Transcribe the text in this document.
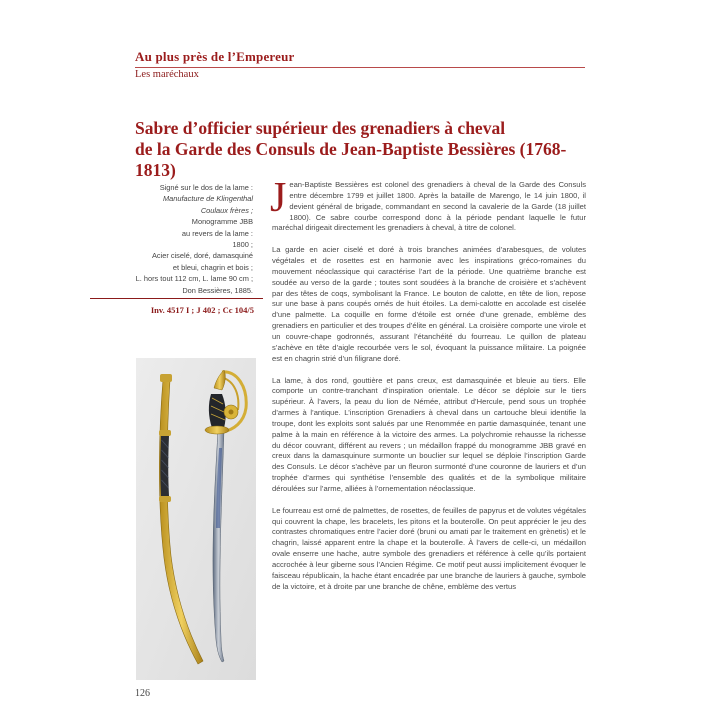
Au plus près de l’Empereur
Les maréchaux
Sabre d’officier supérieur des grenadiers à cheval
de la Garde des Consuls de Jean-Baptiste Bessières (1768-1813)
Signé sur le dos de la lame :
Manufacture de Klingenthal
Coulaux frères ;
Monogramme JBB
au revers de la lame :
1800 ;
Acier ciselé, doré, damasquiné
et bleui, chagrin et bois ;
L. hors tout 112 cm, L. lame 90 cm ;
Don Bessières, 1885.
Inv. 4517 I ; J 402 ; Cc 104/5

Jean-Baptiste Bessières est colonel des grenadiers à cheval de la Garde des Consuls entre décembre 1799 et juillet 1800. Après la bataille de Marengo, le 14 juin 1800, il devient général de brigade, commandant en second la cavalerie de la Garde (18 juillet 1800). Ce sabre courbe correspond donc à la période pendant laquelle le futur maréchal dirigeait directement les grenadiers à cheval, à titre de colonel.

La garde en acier ciselé et doré à trois branches animées d’arabesques, de volutes végétales et de rosettes est en harmonie avec les inspirations gréco-romaines du mouvement néoclassique qui caractérise l’art de la période. Une quatrième branche est soudée au verso de la garde ; toutes sont soudées à la branche de croisière et s’achèvent par des têtes de coqs, symbolisant la France. Le bouton de calotte, en tête de lion, repose sur une base à pans coupés ornés de huit étoiles. La demi-calotte en accolade est ciselée d’une palmette. La coquille en forme d’étoile est ornée d’une grenade, emblème des grenadiers en particulier et des troupes d’élite en général. La croisière comporte une virole et un couvre-chape godronnés, assurant l’étanchéité du fourreau. Le quillon de plateau s’achève en tête d’aigle recourbée vers le sol, évoquant la puissance militaire. La poignée est en chagrin strié d’un filigrane doré.

La lame, à dos rond, gouttière et pans creux, est damasquinée et bleuie au tiers. Elle comporte un contre-tranchant d’inspiration orientale. Le décor se déploie sur le tiers supérieur. À l’avers, la peau du lion de Némée, attribut d’Hercule, pend sous un trophée d’armes à l’antique. L’inscription Grenadiers à cheval dans un cartouche bleui identifie la troupe, dont les exploits sont salués par une Renommée en partie damasquinée, tenant une palme à la main en référence à la victoire des armes. La polychromie rehausse la richesse du décor couvrant, différent au revers ; un médaillon frappé du monogramme JBB gravé en creux dans la damasquinure surmonte un bouclier sur lequel se déploie l’inscription Garde des Consuls. Le décor s’achève par un fleuron surmonté d’une couronne de lauriers et d’un trophée d’armes qui synthétise l’ensemble des qualités et de la symbolique militaire déroulées sur l’arme, alliées à l’ornementation néoclassique.

Le fourreau est orné de palmettes, de rosettes, de feuilles de papyrus et de volutes végétales qui couvrent la chape, les bracelets, les pitons et la bouterolle. On peut apprécier le jeu des contrastes chromatiques entre l’acier doré (bruni ou amati par le traitement en grènetis) et le chagrin, laissé apparent entre la chape et la bouterolle. À l’avers de celle-ci, un médaillon ovale enserre une hache, autre symbole des grenadiers et référence à celle qu’ils portaient accrochée à leur giberne sous l’Ancien Régime. Ce motif peut aussi implicitement évoquer le faisceau républicain, la hache étant encadrée par une branche de lauriers à gauche, symbole de la victoire, et à droite par une branche de chêne, emblème des vertus

126
